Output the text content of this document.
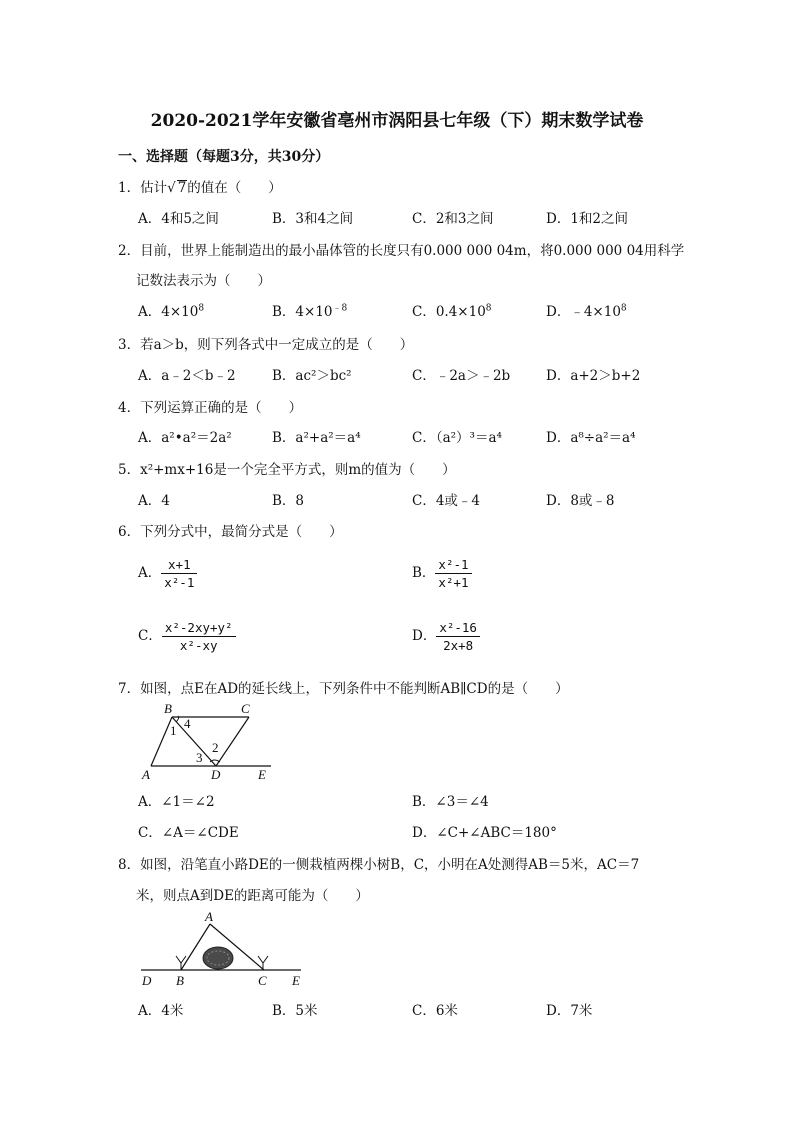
2020-2021学年安徽省亳州市涡阳县七年级（下）期末数学试卷
一、选择题（每题3分，共30分）
1．估计√ 7的值在（　　）
A．4和5之间	B．3和4之间	C．2和3之间	D．1和2之间
2．目前，世界上能制造出的最小晶体管的长度只有0.000 000 04m，将0.000 000 04用科学
记数法表示为（　　）
A．$4\times 10^8$	B．$4\times 10^{﹣8}$	C．$0.4\times 10^8$	D．$﹣4\times 10^8$
3．若a＞b，则下列各式中一定成立的是（　　）
A．a﹣2＜b﹣2	B．ac²＞bc²	C．﹣2a＞﹣2b	D．a+2＞b+2
4．下列运算正确的是（　　）
A．a²•a²＝2a²	B．a²+a²＝a⁴	C．（a²）³＝a⁴	D．a⁸÷a²＝a⁴
5．x²+mx+16是一个完全平方式，则m的值为（　　）
A．4	B．8	C．4或﹣4	D．8或﹣8
6．下列分式中，最简分式是（　　）
A． $\frac{x+1}{\text{x²-1}}$	B． $\frac{\text{x²-1}}{\text{x²+1}}$
C． $\frac{\text{x²-2xy+y²}}{\text{x²-xy}}$	D． $\frac{\text{x²-16}}{2x+8}$
7．如图，点E在AD的延长线上，下列条件中不能判断AB∥CD的是（　　）
B	C
4
1
2
3
A	D	E
A．∠1＝∠2	B．∠3＝∠4
C．∠A＝∠CDE	D．∠C+∠ABC＝180°
8．如图，沿笔直小路DE的一侧栽植两棵小树B，C，小明在A处测得AB＝5米，AC＝7
米，则点A到DE的距离可能为（　　）
A
D B	C E
A．4米	B．5米	C．6米	D．7米
